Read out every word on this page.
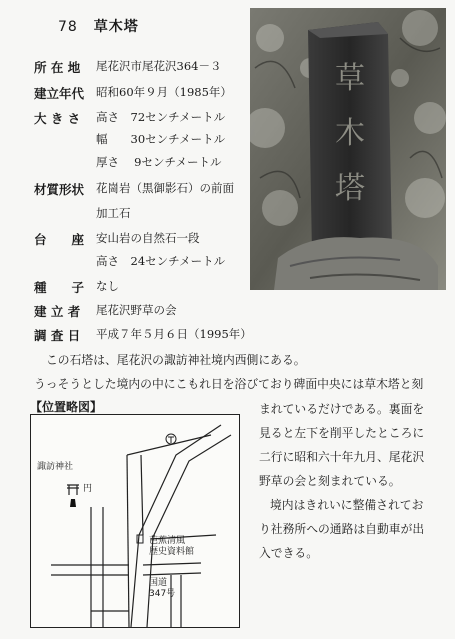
78 草木塔
所 在 地 尾花沢市尾花沢364－３
建立年代 昭和60年９月（1985年）
大 き さ 高さ　72センチメートル
幅　　30センチメートル
厚さ　 9センチメートル
材質形状 花崗岩（黒御影石）の前面
加工石
台　　座 安山岩の自然石一段
高さ　24センチメートル
種　　子 なし
建 立 者 尾花沢野草の会
調 査 日 平成７年５月６日（1995年）
草
木
塔
この石塔は、尾花沢の諏訪神社境内西側にある。
うっそうとした境内の中にこもれ日を浴びており碑面中央には草木塔と刻
まれているだけである。裏面を
見ると左下を削平したところに
二行に昭和六十年九月、尾花沢
野草の会と刻まれている。
境内はきれいに整備されてお
り社務所への通路は自動車が出
入できる。
【位置略図】
諏訪神社
円
芭蕉清風
歴史資料館
国道
347号
